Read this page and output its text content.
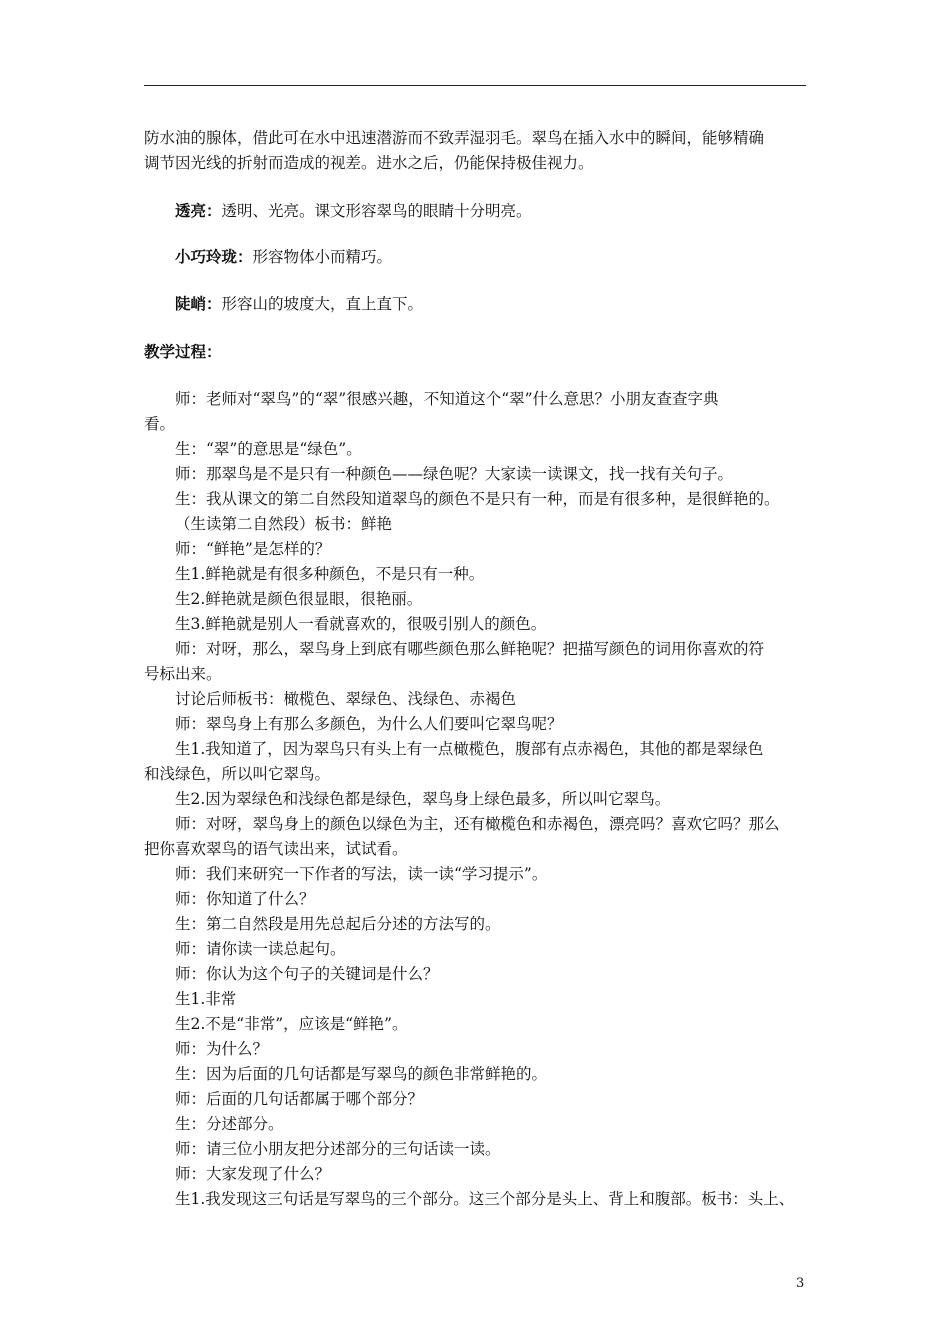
防水油的腺体，借此可在水中迅速潜游而不致弄湿羽毛。翠鸟在插入水中的瞬间，能够精确
调节因光线的折射而造成的视差。进水之后，仍能保持极佳视力。
透亮：透明、光亮。课文形容翠鸟的眼睛十分明亮。
小巧玲珑：形容物体小而精巧。
陡峭：形容山的坡度大，直上直下。
教学过程：
师：老师对“翠鸟”的“翠”很感兴趣，不知道这个“翠”什么意思？小朋友查查字典
看。
生：“翠”的意思是“绿色”。
师：那翠鸟是不是只有一种颜色——绿色呢？大家读一读课文，找一找有关句子。
生：我从课文的第二自然段知道翠鸟的颜色不是只有一种，而是有很多种，是很鲜艳的。
（生读第二自然段）板书：鲜艳
师：“鲜艳”是怎样的？
生1.鲜艳就是有很多种颜色，不是只有一种。
生2.鲜艳就是颜色很显眼，很艳丽。
生3.鲜艳就是别人一看就喜欢的，很吸引别人的颜色。
师：对呀，那么，翠鸟身上到底有哪些颜色那么鲜艳呢？把描写颜色的词用你喜欢的符
号标出来。
讨论后师板书：橄榄色、翠绿色、浅绿色、赤褐色
师：翠鸟身上有那么多颜色，为什么人们要叫它翠鸟呢？
生1.我知道了，因为翠鸟只有头上有一点橄榄色，腹部有点赤褐色，其他的都是翠绿色
和浅绿色，所以叫它翠鸟。
生2.因为翠绿色和浅绿色都是绿色，翠鸟身上绿色最多，所以叫它翠鸟。
师：对呀，翠鸟身上的颜色以绿色为主，还有橄榄色和赤褐色，漂亮吗？喜欢它吗？那么
把你喜欢翠鸟的语气读出来，试试看。
师：我们来研究一下作者的写法，读一读“学习提示”。
师：你知道了什么？
生：第二自然段是用先总起后分述的方法写的。
师：请你读一读总起句。
师：你认为这个句子的关键词是什么？
生1.非常
生2.不是“非常”，应该是“鲜艳”。
师：为什么？
生：因为后面的几句话都是写翠鸟的颜色非常鲜艳的。
师：后面的几句话都属于哪个部分？
生：分述部分。
师：请三位小朋友把分述部分的三句话读一读。
师：大家发现了什么？
生1.我发现这三句话是写翠鸟的三个部分。这三个部分是头上、背上和腹部。板书：头上、
3
